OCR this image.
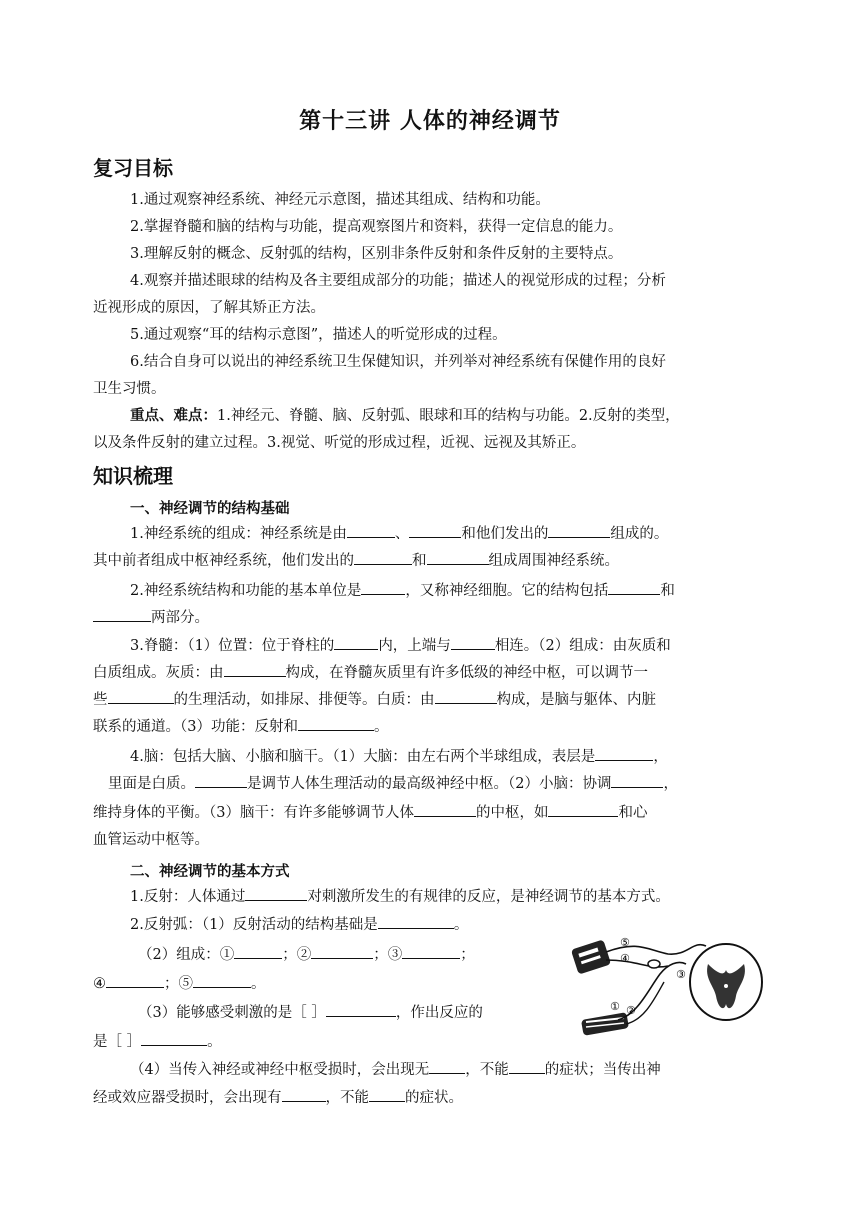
第十三讲 人体的神经调节
复习目标
1.通过观察神经系统、神经元示意图，描述其组成、结构和功能。
2.掌握脊髓和脑的结构与功能，提高观察图片和资料，获得一定信息的能力。
3.理解反射的概念、反射弧的结构，区别非条件反射和条件反射的主要特点。
4.观察并描述眼球的结构及各主要组成部分的功能；描述人的视觉形成的过程；分析
近视形成的原因，了解其矫正方法。
5.通过观察“耳的结构示意图”，描述人的听觉形成的过程。
6.结合自身可以说出的神经系统卫生保健知识，并列举对神经系统有保健作用的良好
卫生习惯。
重点、难点：1.神经元、脊髓、脑、反射弧、眼球和耳的结构与功能。2.反射的类型，
以及条件反射的建立过程。3.视觉、听觉的形成过程，近视、远视及其矫正。
知识梳理
一、神经调节的结构基础
1.神经系统的组成：神经系统是由	、	和他们发出的	组成的。
其中前者组成中枢神经系统，他们发出的	和	组成周围神经系统。
2.神经系统结构和功能的基本单位是	，又称神经细胞。它的结构包括	和
两部分。
3.脊髓：（1）位置：位于脊柱的	内，上端与	相连。（2）组成：由灰质和
白质组成。灰质：由	构成，在脊髓灰质里有许多低级的神经中枢，可以调节一
些	的生理活动，如排尿、排便等。白质：由	构成，是脑与躯体、内脏
联系的通道。（3）功能：反射和	。
4.脑：包括大脑、小脑和脑干。（1）大脑：由左右两个半球组成，表层是	，
里面是白质。	是调节人体生理活动的最高级神经中枢。（2）小脑：协调	，
维持身体的平衡。（3）脑干：有许多能够调节人体	的中枢，如	和心
血管运动中枢等。
二、神经调节的基本方式
1.反射：人体通过	对刺激所发生的有规律的反应，是神经调节的基本方式。
2.反射弧：（1）反射活动的结构基础是	。
（2）组成：①	；②	；③	；
④	；⑤	。
（3）能够感受刺激的是［ ］	，作出反应的
是［ ］	。
（4）当传入神经或神经中枢受损时，会出现无 ，不能 的症状；当传出神
经或效应器受损时，会出现有	，不能 的症状。
⑤
④
③
① ②
